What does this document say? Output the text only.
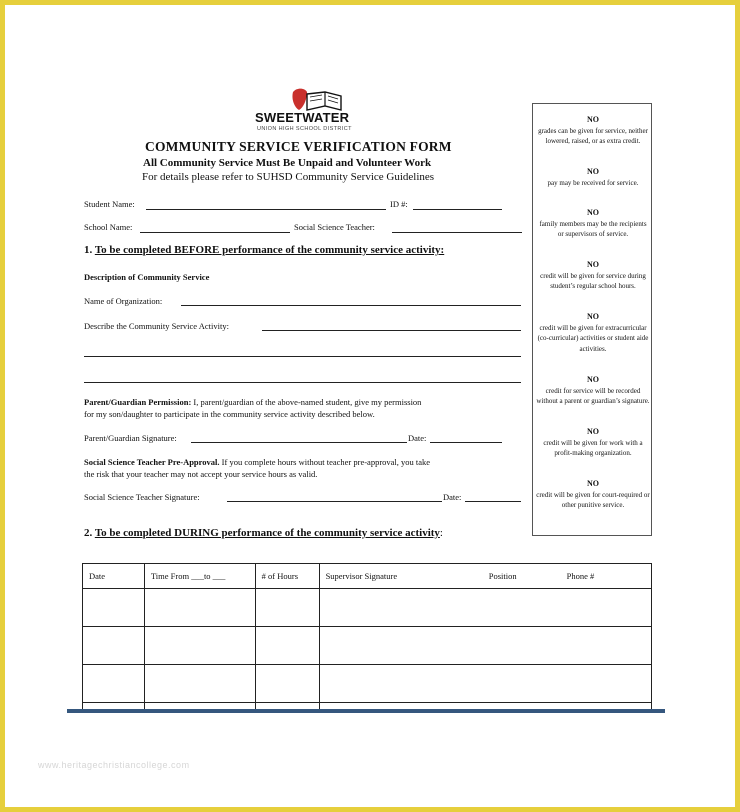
SWEETWATER
UNION HIGH SCHOOL DISTRICT
COMMUNITY SERVICE VERIFICATION FORM
All Community Service Must Be Unpaid and Volunteer Work
For details please refer to SUHSD Community Service Guidelines
Student Name:	ID #:
School Name:	Social Science Teacher:
1. To be completed BEFORE performance of the community service activity:
Description of Community Service
Name of Organization:
Describe the Community Service Activity:
Parent/Guardian Permission: I, parent/guardian of the above-named student, give my permission
for my son/daughter to participate in the community service activity described below.
Parent/Guardian Signature:	Date:
Social Science Teacher Pre-Approval. If you complete hours without teacher pre-approval, you take
the risk that your teacher may not accept your service hours as valid.
Social Science Teacher Signature:	Date:
2. To be completed DURING performance of the community service activity:
NO
grades can be given for service, neither lowered, raised, or as extra credit.
NO
pay may be received for service.
NO
family members may be the recipients or supervisors of service.
NO
credit will be given for service during student’s regular school hours.
NO
credit will be given for extracurricular (co-curricular) activities or student aide activities.
NO
credit for service will be recorded without a parent or guardian’s signature.
NO
credit will be given for work with a profit-making organization.
NO
credit will be given for court-required or other punitive service.
Date	Time From ___to ___	# of Hours	Supervisor Signature	Position	Phone #

www.heritagechristiancollege.com
